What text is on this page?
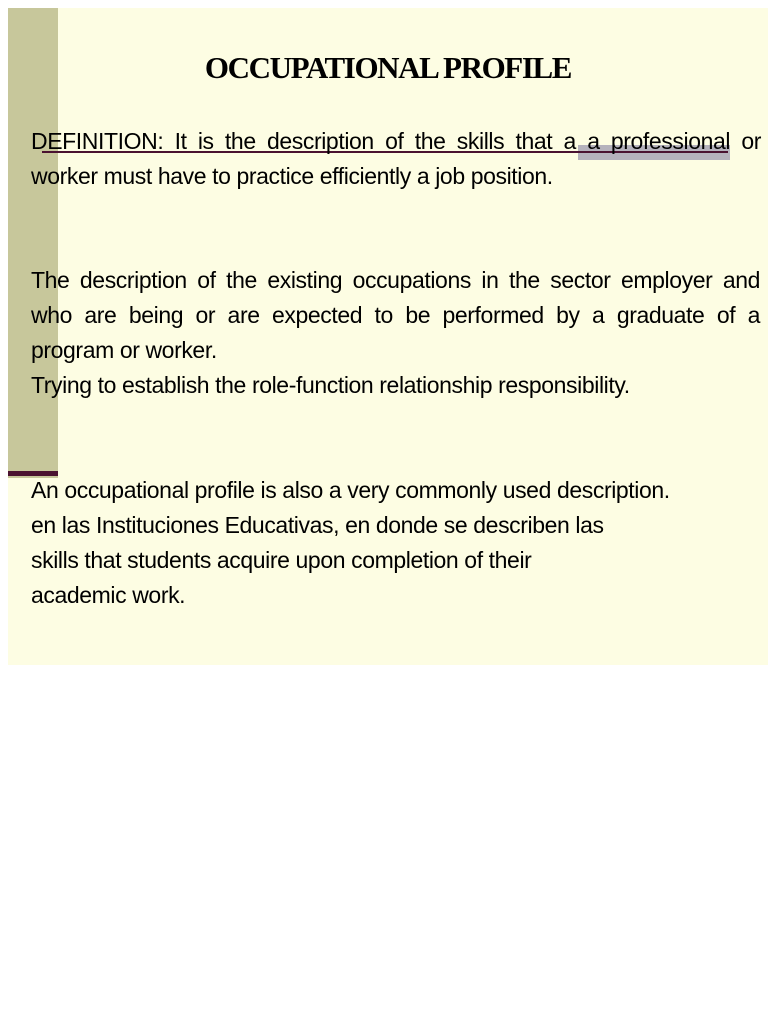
OCCUPATIONAL PROFILE

DEFINITION: It is the description of the skills that a a professional or worker must have to practice efficiently a job position.

The description of the existing occupations in the sector employer and who are being or are expected to be performed by a graduate of a program or worker.

Trying to establish the role-function relationship responsibility.

An occupational profile is also a very commonly used description.
en las Instituciones Educativas, en donde se describen las
skills that students acquire upon completion of their
academic work.
